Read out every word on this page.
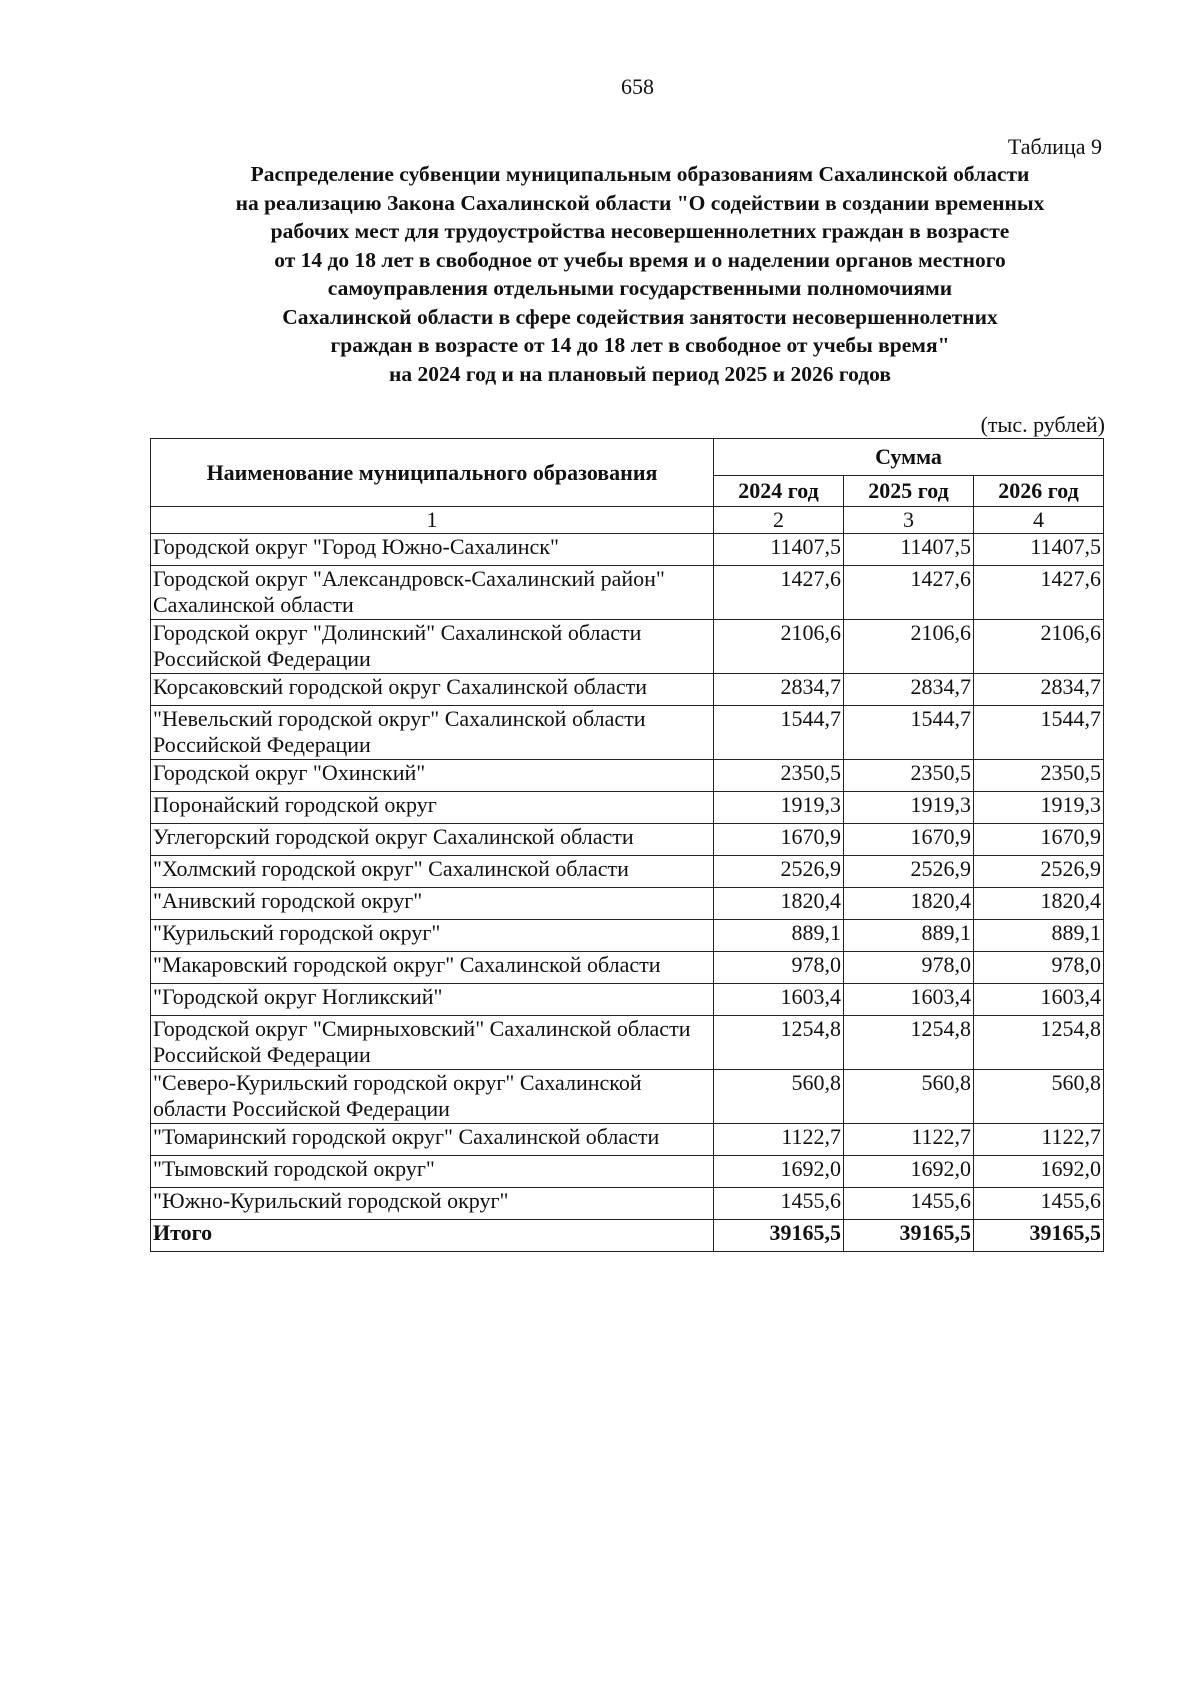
658
Таблица 9
Распределение субвенции муниципальным образованиям Сахалинской области
на реализацию Закона Сахалинской области "О содействии в создании временных
рабочих мест для трудоустройства несовершеннолетних граждан в возрасте
от 14 до 18 лет в свободное от учебы время и о наделении органов местного
самоуправления отдельными государственными полномочиями
Сахалинской области в сфере содействия занятости несовершеннолетних
граждан в возрасте от 14 до 18 лет в свободное от учебы время"
на 2024 год и на плановый период 2025 и 2026 годов
(тыс. рублей)
Наименование муниципального образования	Сумма		
	2024 год	2025 год	2026 год
1	2	3	4
Городской округ "Город Южно-Сахалинск"	11407,5	11407,5	11407,5
Городской округ "Александровск-Сахалинский район" Сахалинской области	1427,6	1427,6	1427,6
Городской округ "Долинский" Сахалинской области Российской Федерации	2106,6	2106,6	2106,6
Корсаковский городской округ Сахалинской области	2834,7	2834,7	2834,7
"Невельский городской округ" Сахалинской области Российской Федерации	1544,7	1544,7	1544,7
Городской округ "Охинский"	2350,5	2350,5	2350,5
Поронайский городской округ	1919,3	1919,3	1919,3
Углегорский городской округ Сахалинской области	1670,9	1670,9	1670,9
"Холмский городской округ" Сахалинской области	2526,9	2526,9	2526,9
"Анивский городской округ"	1820,4	1820,4	1820,4
"Курильский городской округ"	889,1	889,1	889,1
"Макаровский городской округ" Сахалинской области	978,0	978,0	978,0
"Городской округ Ногликский"	1603,4	1603,4	1603,4
Городской округ "Смирныховский" Сахалинской области Российской Федерации	1254,8	1254,8	1254,8
"Северо-Курильский городской округ" Сахалинской области Российской Федерации	560,8	560,8	560,8
"Томаринский городской округ" Сахалинской области	1122,7	1122,7	1122,7
"Тымовский городской округ"	1692,0	1692,0	1692,0
"Южно-Курильский городской округ"	1455,6	1455,6	1455,6
Итого	39165,5	39165,5	39165,5
